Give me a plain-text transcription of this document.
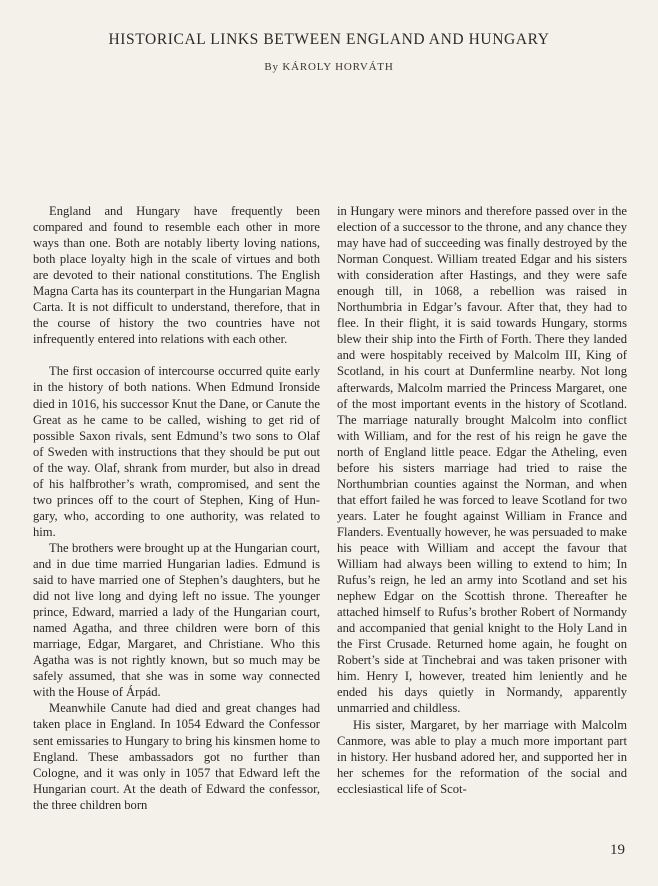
HISTORICAL LINKS BETWEEN ENGLAND AND HUNGARY
By KÁROLY HORVÁTH

England and Hungary have frequently been compared and found to resemble each other in more ways than one. Both are notably liberty loving nations, both place loyalty high in the scale of virtues and both are devoted to their national constitutions. The English Magna Carta has its counterpart in the Hungarian Magna Carta. It is not difficult to understand, therefore, that in the course of history the two countries have not infrequently entered into relations with each other.

The first occasion of intercourse occurred quite early in the history of both nations. When Edmund Ironside died in 1016, his successor Knut the Dane, or Canute the Great as he came to be called, wishing to get rid of possible Saxon rivals, sent Edmund’s two sons to Olaf of Sweden with instructions that they should be put out of the way. Olaf, shrank from murder, but also in dread of his halfbrother’s wrath, compromised, and sent the two princes off to the court of Stephen, King of Hungary, who, according to one authority, was related to him.

The brothers were brought up at the Hungarian court, and in due time married Hungarian ladies. Edmund is said to have married one of Stephen’s daughters, but he did not live long and dying left no issue. The younger prince, Edward, married a lady of the Hungarian court, named Agatha, and three children were born of this marriage, Edgar, Margaret, and Christiane. Who this Agatha was is not rightly known, but so much may be safely assumed, that she was in some way connected with the House of Árpád.

Meanwhile Canute had died and great changes had taken place in England. In 1054 Edward the Confessor sent emissaries to Hungary to bring his kinsmen home to England. These ambassadors got no further than Cologne, and it was only in 1057 that Edward left the Hungarian court. At the death of Edward the confessor, the three children born

in Hungary were minors and therefore passed over in the election of a successor to the throne, and any chance they may have had of succeeding was finally destroyed by the Norman Conquest. William treated Edgar and his sisters with consideration after Hastings, and they were safe enough till, in 1068, a rebellion was raised in Northumbria in Edgar’s favour. After that, they had to flee. In their flight, it is said towards Hungary, storms blew their ship into the Firth of Forth. There they landed and were hospitably received by Malcolm III, King of Scotland, in his court at Dunfermline nearby. Not long afterwards, Malcolm married the Princess Margaret, one of the most important events in the history of Scotland. The marriage naturally brought Malcolm into conflict with William, and for the rest of his reign he gave the north of England little peace. Edgar the Atheling, even before his sisters marriage had tried to raise the Northumbrian counties against the Norman, and when that effort failed he was forced to leave Scotland for two years. Later he fought against William in France and Flanders. Eventually however, he was persuaded to make his peace with William and accept the favour that William had always been willing to extend to him; In Rufus’s reign, he led an army into Scotland and set his nephew Edgar on the Scottish throne. Thereafter he attached himself to Rufus’s brother Robert of Normandy and accompanied that genial knight to the Holy Land in the First Crusade. Returned home again, he fought on Robert’s side at Tinchebrai and was taken prisoner with him. Henry I, however, treated him leniently and he ended his days quietly in Normandy, apparently unmarried and childless.

His sister, Margaret, by her marriage with Malcolm Canmore, was able to play a much more important part in history. Her husband adored her, and supported her in her schemes for the reformation of the social and ecclesiastical life of Scot-

19
